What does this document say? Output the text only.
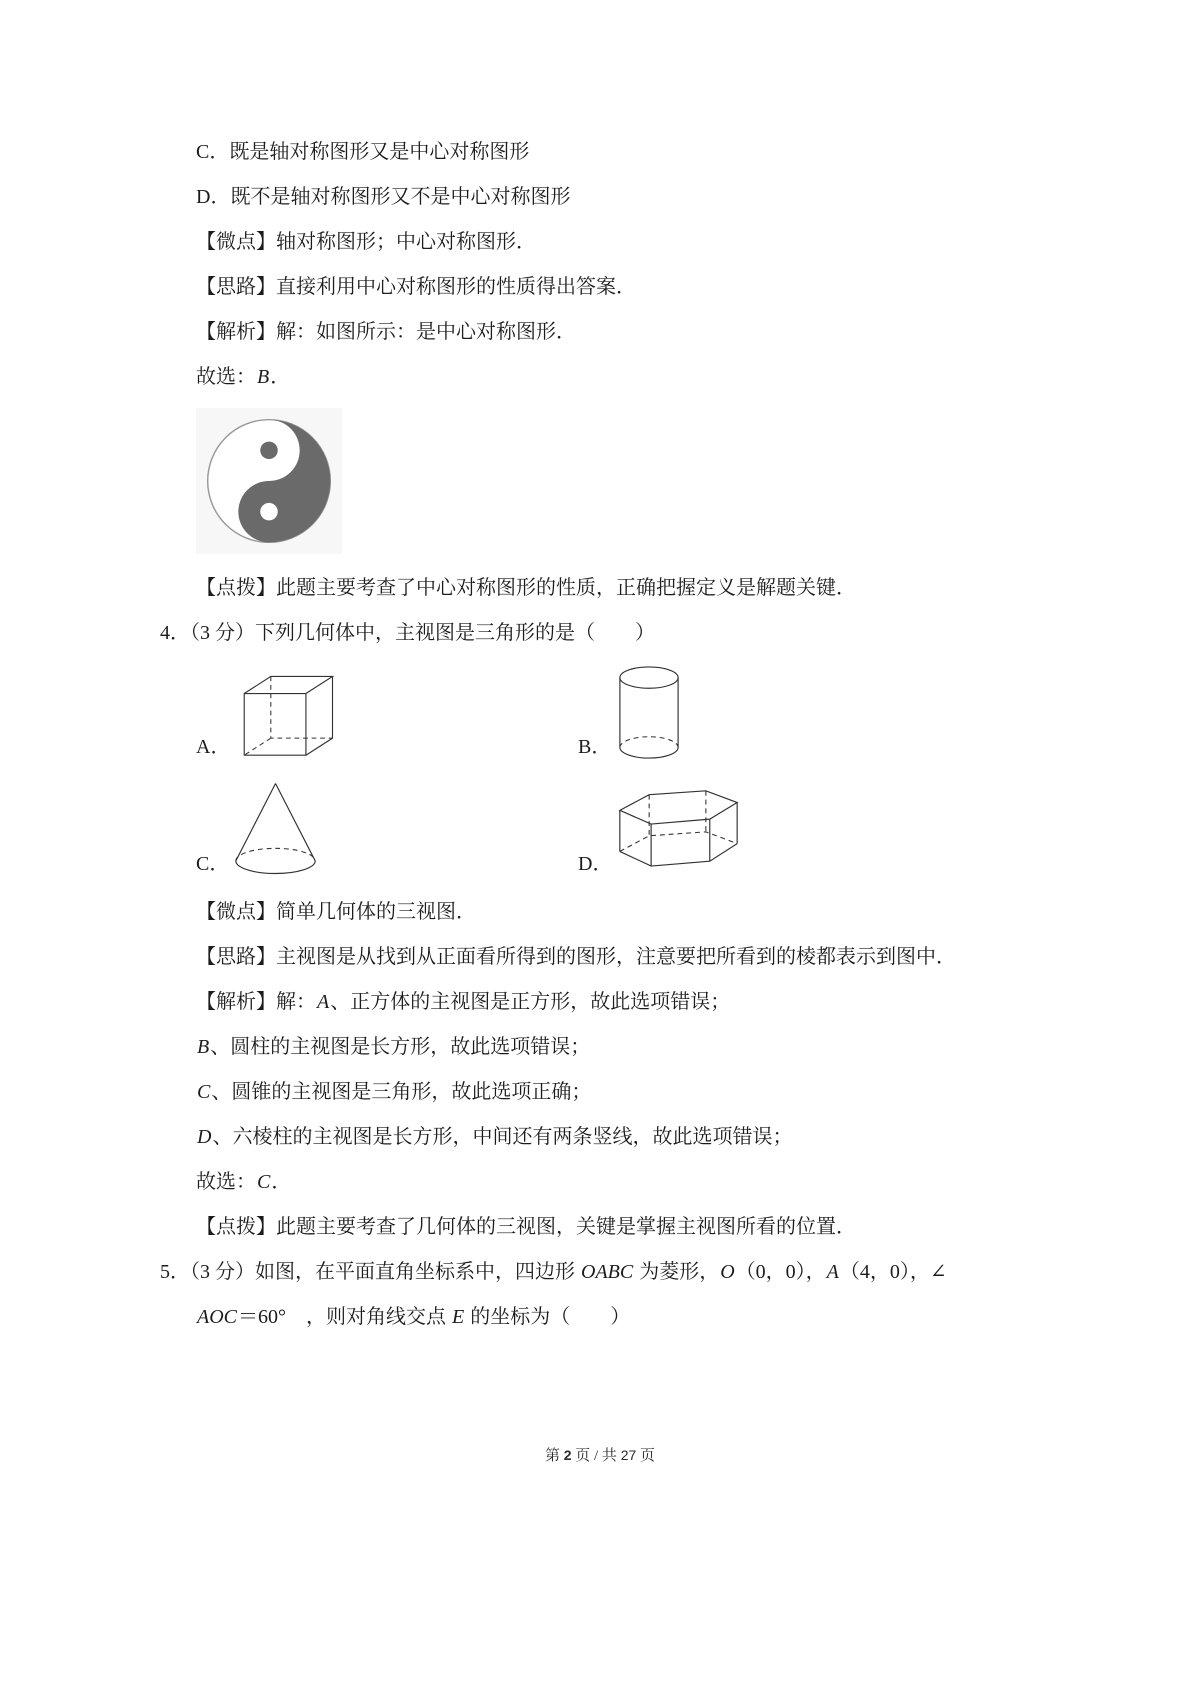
C．既是轴对称图形又是中心对称图形

D．既不是轴对称图形又不是中心对称图形

【微点】轴对称图形；中心对称图形．

【思路】直接利用中心对称图形的性质得出答案．

【解析】解：如图所示：是中心对称图形．

故选：B．

【点拨】此题主要考查了中心对称图形的性质，正确把握定义是解题关键．

4．（3 分）下列几何体中，主视图是三角形的是（　　）

A．	B．
C．	D．

【微点】简单几何体的三视图．

【思路】主视图是从找到从正面看所得到的图形，注意要把所看到的棱都表示到图中．

【解析】解：A、正方体的主视图是正方形，故此选项错误；

B、圆柱的主视图是长方形，故此选项错误；

C、圆锥的主视图是三角形，故此选项正确；

D、六棱柱的主视图是长方形，中间还有两条竖线，故此选项错误；

故选：C．

【点拨】此题主要考查了几何体的三视图，关键是掌握主视图所看的位置．

5．（3 分）如图，在平面直角坐标系中，四边形 OABC 为菱形，O（0，0），A（4，0），∠

AOC＝60°　，则对角线交点 E 的坐标为（　　）

第 2 页 / 共 27 页
